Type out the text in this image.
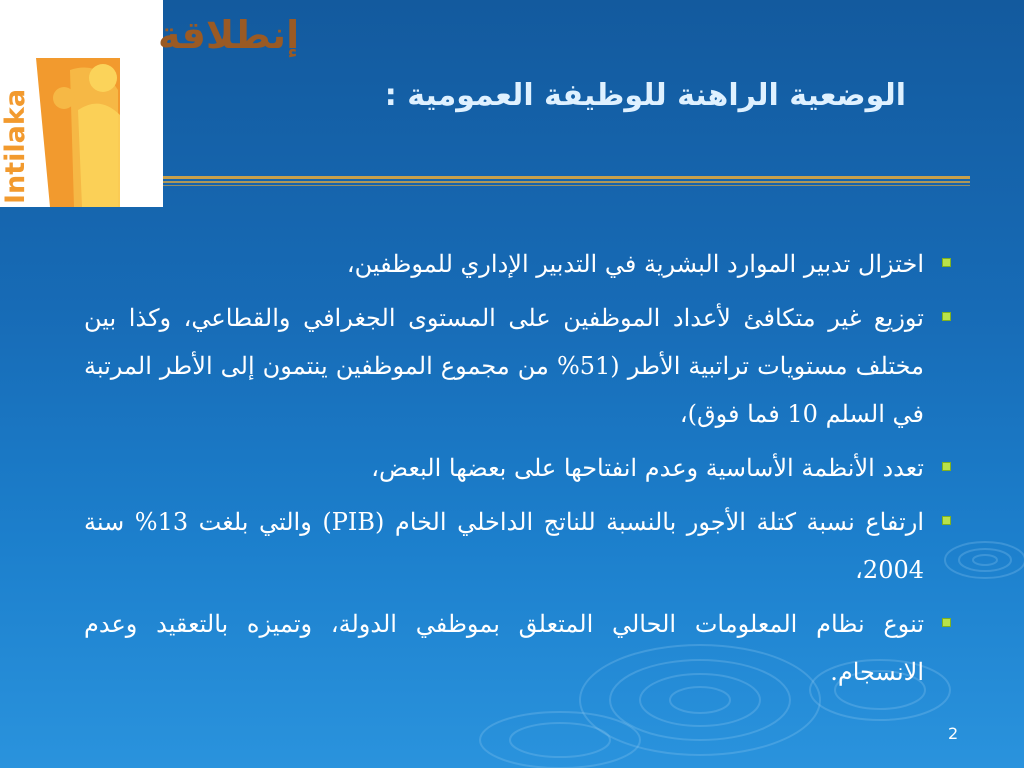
Intilaka
إنطلاقة
الوضعية الراهنة للوظيفة العمومية :
اختزال تدبير الموارد البشرية في التدبير الإداري للموظفين،
توزيع غير متكافئ لأعداد الموظفين على المستوى الجغرافي والقطاعي، وكذا بين مختلف مستويات تراتبية الأطر (51% من مجموع الموظفين ينتمون إلى الأطر المرتبة في السلم 10 فما فوق)،
تعدد الأنظمة الأساسية وعدم انفتاحها على بعضها البعض،
ارتفاع نسبة كتلة الأجور بالنسبة للناتج الداخلي الخام (PIB) والتي بلغت 13% سنة 2004،
تنوع نظام المعلومات الحالي المتعلق بموظفي الدولة، وتميزه بالتعقيد وعدم الانسجام.
2
